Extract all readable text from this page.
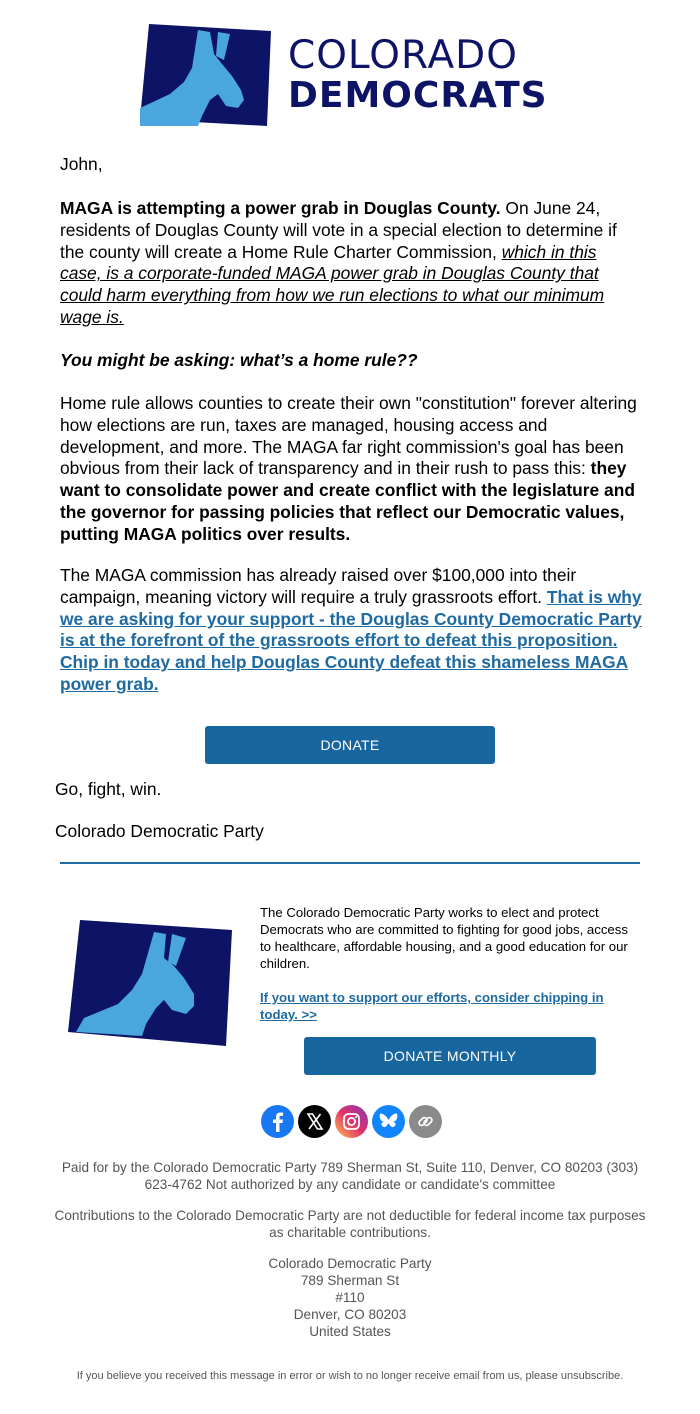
COLORADO
DEMOCRATS
John,
MAGA is attempting a power grab in Douglas County. On June 24, residents of Douglas County will vote in a special election to determine if the county will create a Home Rule Charter Commission, which in this case, is a corporate-funded MAGA power grab in Douglas County that could harm everything from how we run elections to what our minimum wage is.
You might be asking: what’s a home rule??
Home rule allows counties to create their own "constitution" forever altering how elections are run, taxes are managed, housing access and development, and more. The MAGA far right commission's goal has been obvious from their lack of transparency and in their rush to pass this: they want to consolidate power and create conflict with the legislature and the governor for passing policies that reflect our Democratic values, putting MAGA politics over results.
The MAGA commission has already raised over $100,000 into their campaign, meaning victory will require a truly grassroots effort. That is why we are asking for your support - the Douglas County Democratic Party is at the forefront of the grassroots effort to defeat this proposition. Chip in today and help Douglas County defeat this shameless MAGA power grab.
DONATE
Go, fight, win.
Colorado Democratic Party
The Colorado Democratic Party works to elect and protect Democrats who are committed to fighting for good jobs, access to healthcare, affordable housing, and a good education for our children.
If you want to support our efforts, consider chipping in today. >>
DONATE MONTHLY
Paid for by the Colorado Democratic Party 789 Sherman St, Suite 110, Denver, CO 80203 (303) 623-4762 Not authorized by any candidate or candidate's committee
Contributions to the Colorado Democratic Party are not deductible for federal income tax purposes as charitable contributions.
Colorado Democratic Party
789 Sherman St
#110
Denver, CO 80203
United States
If you believe you received this message in error or wish to no longer receive email from us, please unsubscribe.
